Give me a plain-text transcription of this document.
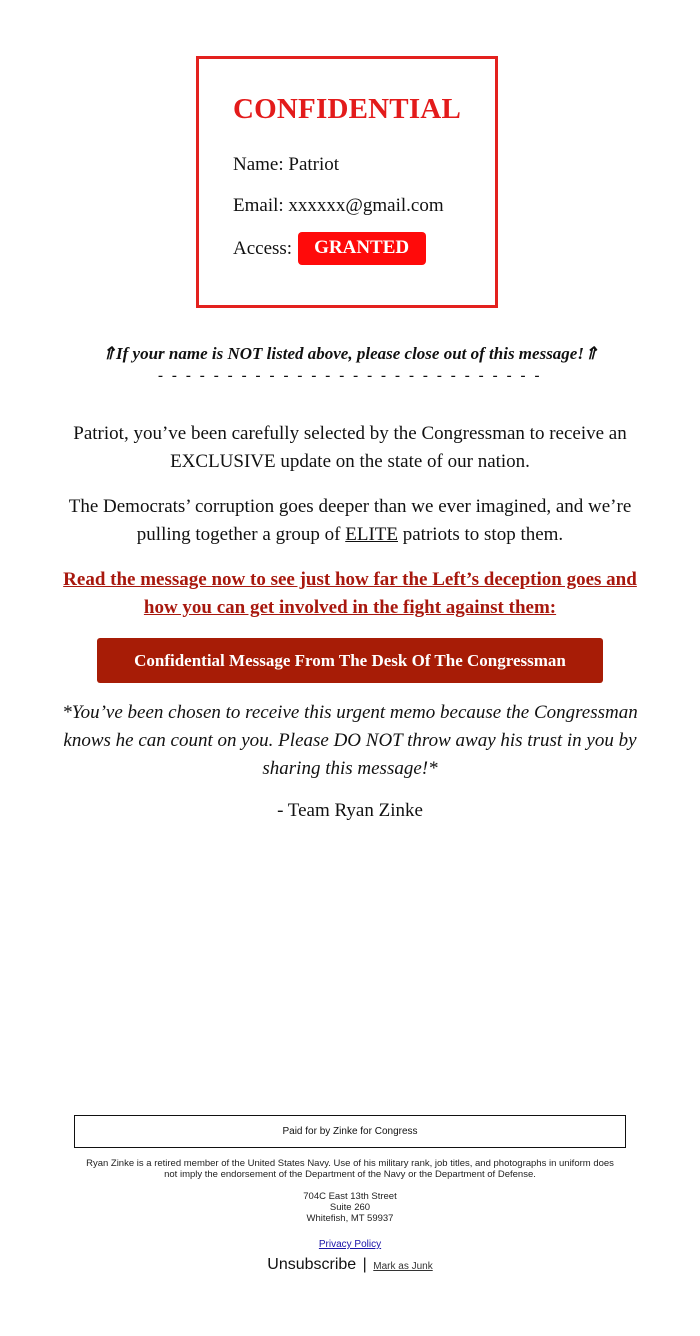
CONFIDENTIAL
Name: Patriot
Email: xxxxxx@gmail.com
Access:	GRANTED
⇑If your name is NOT listed above, please close out of this message!⇑
- - - - - - - - - - - - - - - - - - - - - - - - - - - -

Patriot, you’ve been carefully selected by the Congressman to receive an EXCLUSIVE update on the state of our nation.

The Democrats’ corruption goes deeper than we ever imagined, and we’re pulling together a group of ELITE patriots to stop them.

Read the message now to see just how far the Left’s deception goes and how you can get involved in the fight against them:
Confidential Message From The Desk Of The Congressman

*You’ve been chosen to receive this urgent memo because the Congressman knows he can count on you. Please DO NOT throw away his trust in you by sharing this message!*

- Team Ryan Zinke
Paid for by Zinke for Congress

Ryan Zinke is a retired member of the United States Navy. Use of his military rank, job titles, and photographs in uniform does not imply the endorsement of the Department of the Navy or the Department of Defense.

704C East 13th Street
Suite 260
Whitefish, MT 59937
Privacy Policy
Unsubscribe | Mark as Junk
